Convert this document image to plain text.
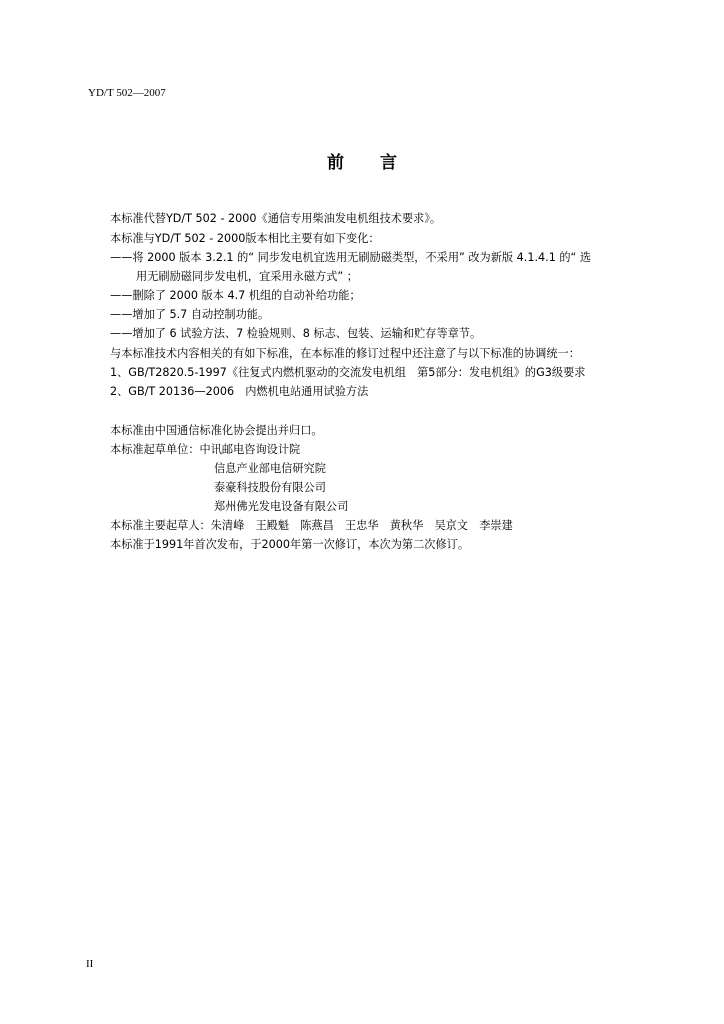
YD/T 502—2007
前言
本标准代替YD/T 502 - 2000《通信专用柴油发电机组技术要求》。
本标准与YD/T 502 - 2000版本相比主要有如下变化：
——将 2000 版本 3.2.1 的“ 同步发电机宜选用无刷励磁类型，不采用” 改为新版 4.1.4.1 的“ 选
用无刷励磁同步发电机，宜采用永磁方式” ；
——删除了 2000 版本 4.7 机组的自动补给功能；
——增加了 5.7 自动控制功能。
——增加了 6 试验方法、7 检验规则、8 标志、包装、运输和贮存等章节。
与本标准技术内容相关的有如下标准，在本标准的修订过程中还注意了与以下标准的协调统一：
1、GB/T2820.5-1997《往复式内燃机驱动的交流发电机组　第5部分：发电机组》的G3级要求
2、GB/T 20136—2006　内燃机电站通用试验方法
本标准由中国通信标准化协会提出并归口。
本标准起草单位：中讯邮电咨询设计院
信息产业部电信研究院
泰豪科技股份有限公司
郑州佛光发电设备有限公司
本标准主要起草人：朱清峰　王殿魁　陈燕昌　王忠华　黄秋华　吴京文　李崇建
本标准于1991年首次发布，于2000年第一次修订，本次为第二次修订。
II
